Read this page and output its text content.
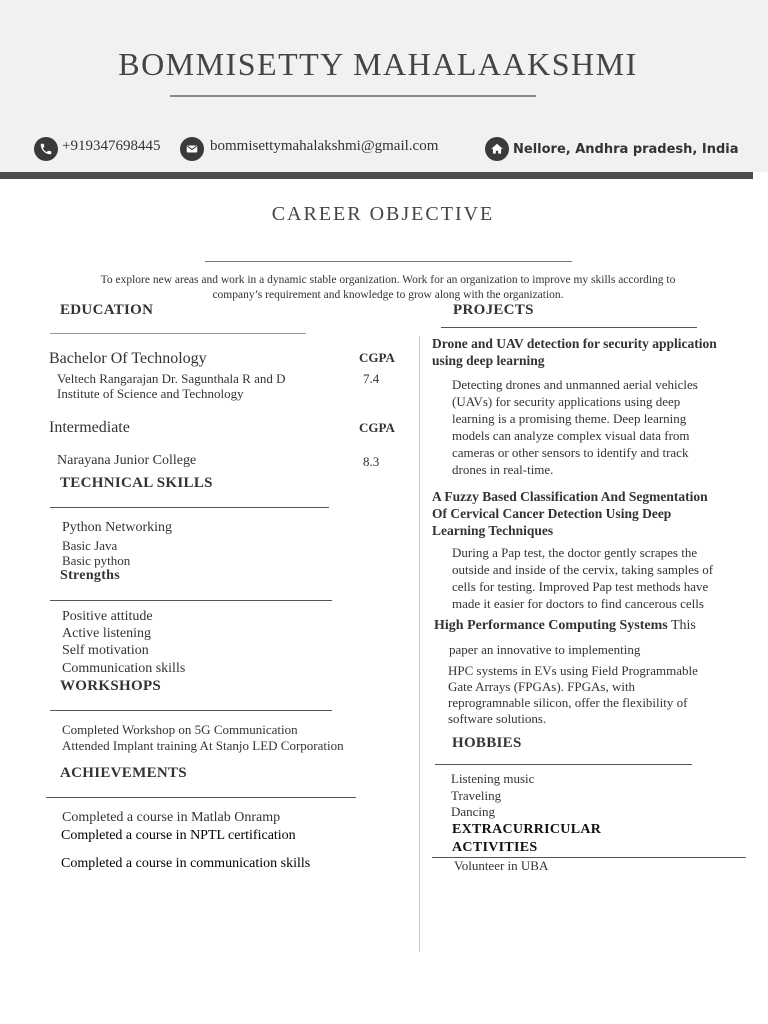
BOMMISETTY MAHALAAKSHMI
+919347698445	bommisettymahalakshmi@gmail.com	Nellore, Andhra pradesh, India
CAREER OBJECTIVE
To explore new areas and work in a dynamic stable organization. Work for an organization to improve my skills according to
company’s requirement and knowledge to grow along with the organization.
EDUCATION
Bachelor Of Technology	CGPA
Veltech Rangarajan Dr. Sagunthala R and D
Institute of Science and Technology
7.4
Intermediate	CGPA
Narayana Junior College	8.3
TECHNICAL SKILLS
Python Networking
Basic Java
Basic python
Strengths
Positive attitude
Active listening
Self motivation
Communication skills
WORKSHOPS
Completed Workshop on 5G Communication
Attended Implant training At Stanjo LED Corporation
ACHIEVEMENTS
Completed a course in Matlab Onramp
Completed a course in NPTL certification
Completed a course in communication skills
PROJECTS
Drone and UAV detection for security application
using deep learning
Detecting drones and unmanned aerial vehicles
(UAVs) for security applications using deep
learning is a promising theme. Deep learning
models can analyze complex visual data from
cameras or other sensors to identify and track
drones in real-time.
A Fuzzy Based Classification And Segmentation
Of Cervical Cancer Detection Using Deep
Learning Techniques
During a Pap test, the doctor gently scrapes the
outside and inside of the cervix, taking samples of
cells for testing. Improved Pap test methods have
made it easier for doctors to find cancerous cells
High Performance Computing Systems This
paper an innovative to implementing
HPC systems in EVs using Field Programmable
Gate Arrays (FPGAs). FPGAs, with
reprogramnable silicon, offer the flexibility of
software solutions.
HOBBIES
Listening music
Traveling
Dancing
EXTRACURRICULAR
ACTIVITIES
Volunteer in UBA
